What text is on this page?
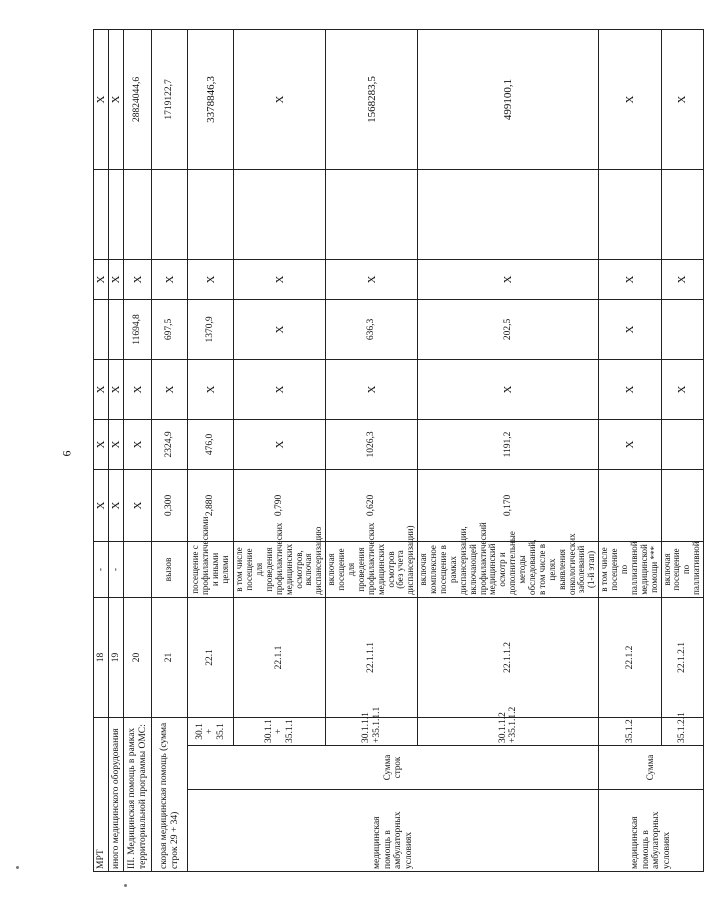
6
МРТ			18	-	X	X	X		X		X
иного медицинского оборудования			19	-	X	X	X		X		X
III. Медицинская помощь в рамках территориальной программы ОМС:			20		X	X	X	11694,8	X		28824044,6
скорая медицинская помощь (сумма строк 29 + 34)			21	вызов	0,300	2324,9	X	697,5	X		1719122,7
медицинская помощь в амбулаторных условиях	Сумма строк	30.1 + 35.1	22.1	посещение с профилактическими и иными целями	2,880	476,0	X	1370,9	X		3378846,3
		30.1.1 + 35.1.1	22.1.1	в том числе посещение для проведения профилактических медицинских осмотров, включая диспансеризацию	0,790	X	X	X	X		X
		30.1.1.1 +35.1.1.1	22.1.1.1	включая посещение для проведения профилактических медицинских осмотров (без учета диспансеризации)	0,620	1026,3	X	636,3	X		1568283,5
		30.1.1.2 +35.1.1.2	22.1.1.2	включая комплексное посещение в рамках диспансеризации, включающей профилактический медицинский осмотр и дополнительные методы обследований, в том числе в целях выявления онкологических заболеваний (1-й этап)	0,170	1191,2	X	202,5	X		499100,1
медицинская помощь в амбулаторных условиях	Сумма	35.1.2	22.1.2	в том числе посещение по паллиативной медицинской помощи ***		X	X	X	X		X
		35.1.2.1	22.1.2.1	включая посещение по паллиативной			X		X		X
